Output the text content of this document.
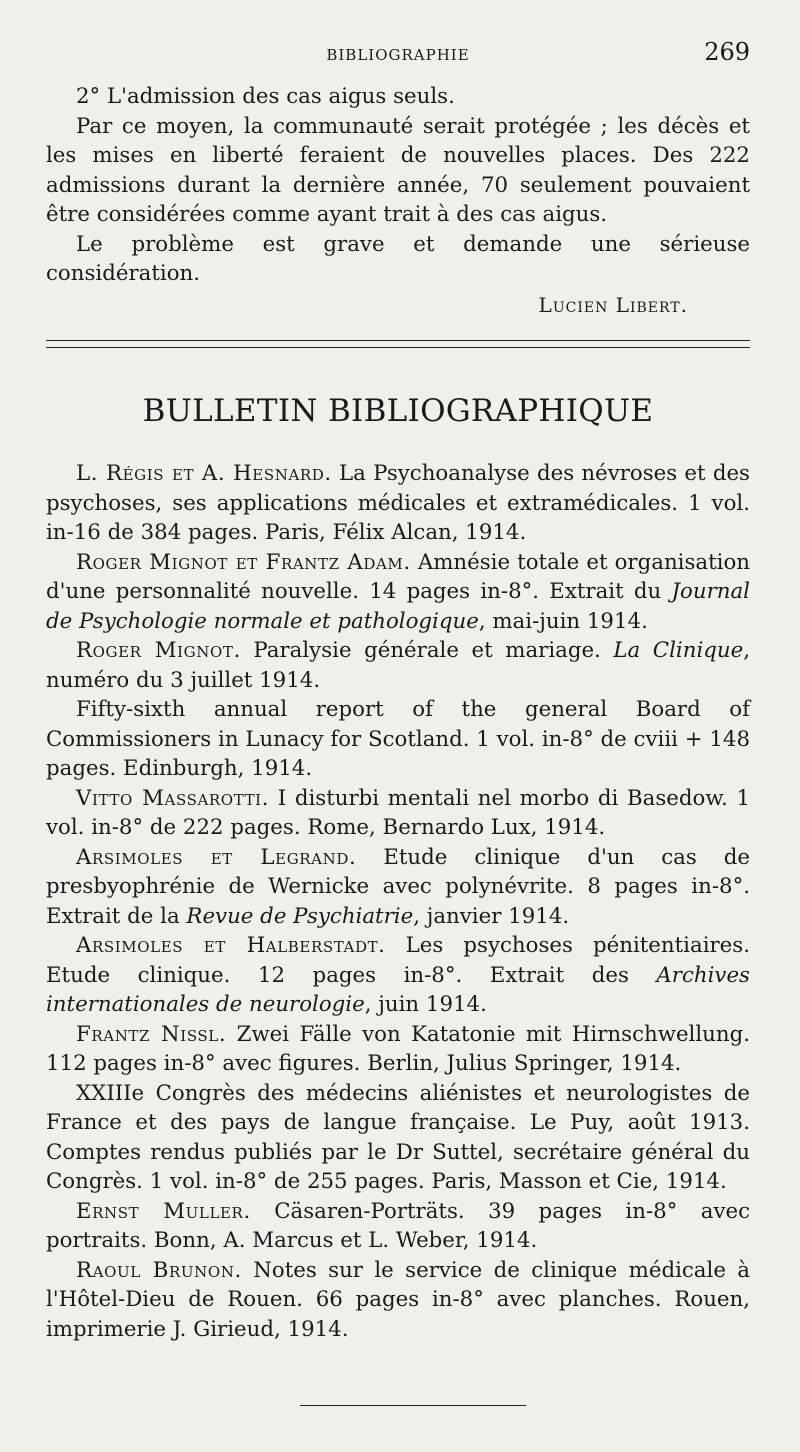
BIBLIOGRAPHIE	269

2° L'admission des cas aigus seuls.

Par ce moyen, la communauté serait protégée ; les décès et les mises en liberté feraient de nouvelles places. Des 222 admissions durant la dernière année, 70 seulement pouvaient être considérées comme ayant trait à des cas aigus.

Le problème est grave et demande une sérieuse considération.

Lucien Libert.
BULLETIN BIBLIOGRAPHIQUE

L. Régis et A. Hesnard. La Psychoanalyse des névroses et des psychoses, ses applications médicales et extramédicales. 1 vol. in-16 de 384 pages. Paris, Félix Alcan, 1914.

Roger Mignot et Frantz Adam. Amnésie totale et organisation d'une personnalité nouvelle. 14 pages in-8°. Extrait du Journal de Psychologie normale et pathologique, mai-juin 1914.

Roger Mignot. Paralysie générale et mariage. La Clinique, numéro du 3 juillet 1914.

Fifty-sixth annual report of the general Board of Commissioners in Lunacy for Scotland. 1 vol. in-8° de cviii + 148 pages. Edinburgh, 1914.

Vitto Massarotti. I disturbi mentali nel morbo di Basedow. 1 vol. in-8° de 222 pages. Rome, Bernardo Lux, 1914.

Arsimoles et Legrand. Etude clinique d'un cas de presbyophrénie de Wernicke avec polynévrite. 8 pages in-8°. Extrait de la Revue de Psychiatrie, janvier 1914.

Arsimoles et Halberstadt. Les psychoses pénitentiaires. Etude clinique. 12 pages in-8°. Extrait des Archives internationales de neurologie, juin 1914.

Frantz Nissl. Zwei Fälle von Katatonie mit Hirnschwellung. 112 pages in-8° avec figures. Berlin, Julius Springer, 1914.

XXIIIe Congrès des médecins aliénistes et neurologistes de France et des pays de langue française. Le Puy, août 1913. Comptes rendus publiés par le Dr Suttel, secrétaire général du Congrès. 1 vol. in-8° de 255 pages. Paris, Masson et Cie, 1914.

Ernst Muller. Cäsaren-Porträts. 39 pages in-8° avec portraits. Bonn, A. Marcus et L. Weber, 1914.

Raoul Brunon. Notes sur le service de clinique médicale à l'Hôtel-Dieu de Rouen. 66 pages in-8° avec planches. Rouen, imprimerie J. Girieud, 1914.
